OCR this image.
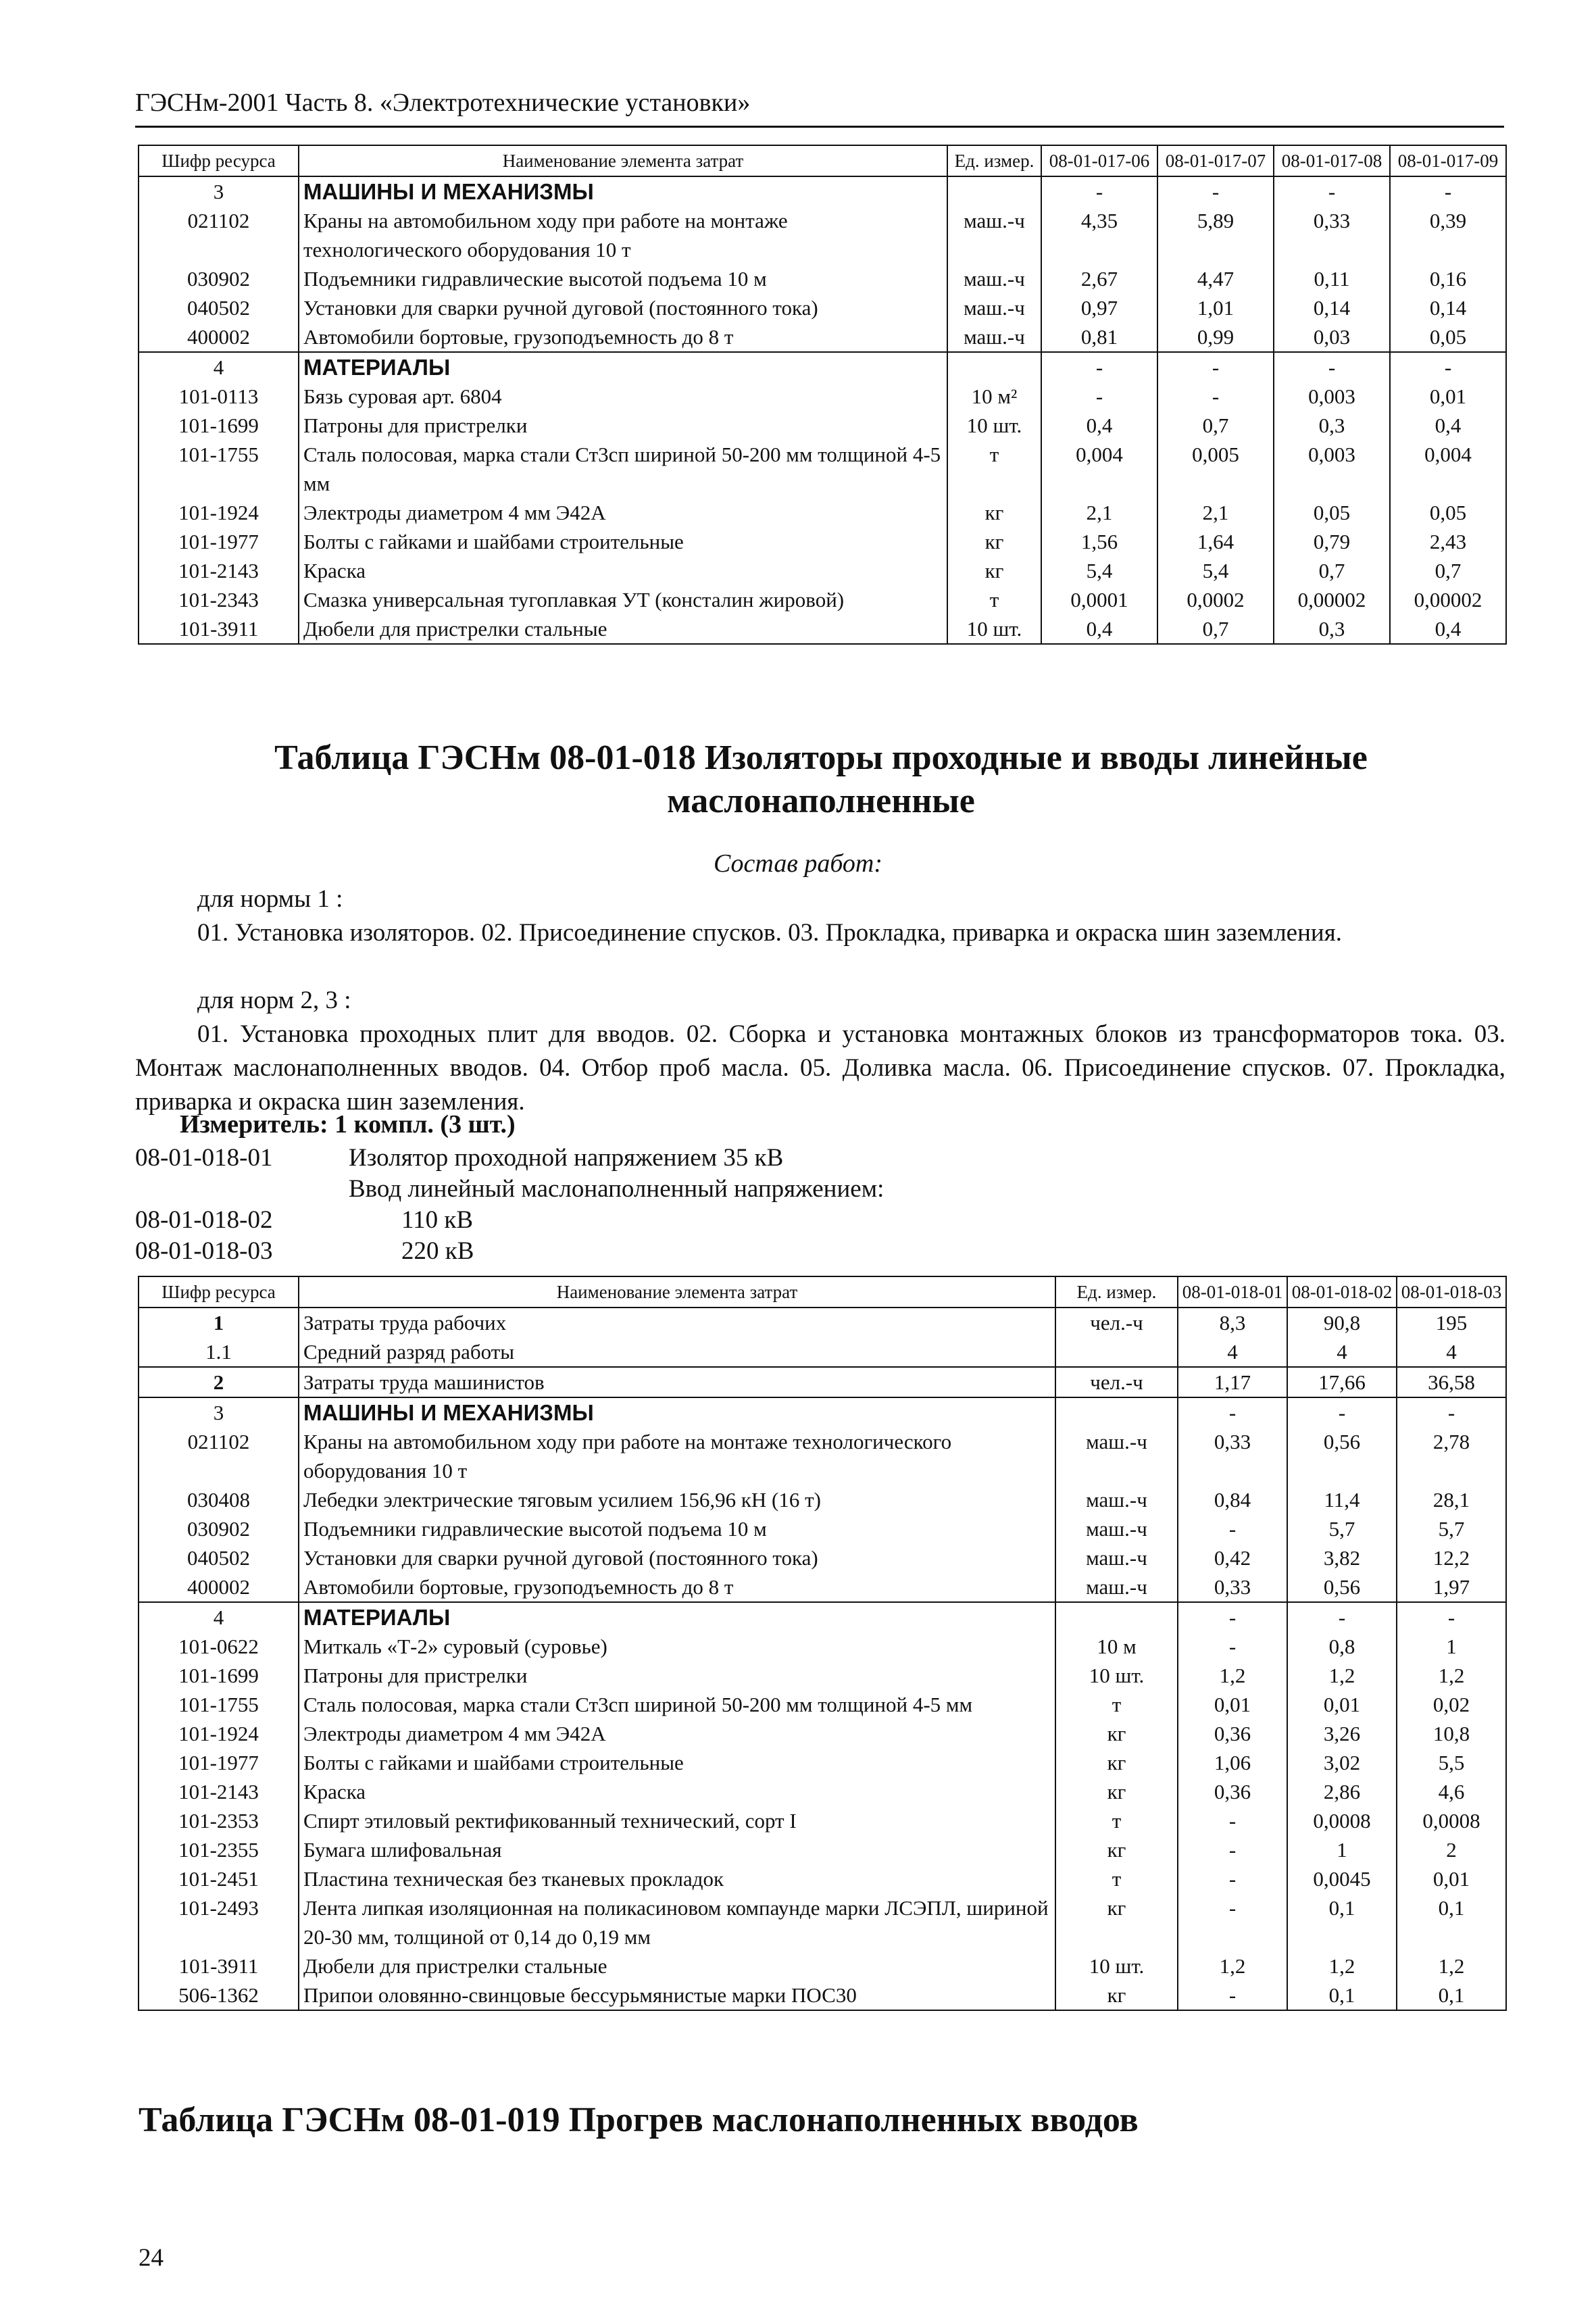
ГЭСНм-2001 Часть 8. «Электротехнические установки»
Шифр ресурса	Наименование элемента затрат	Ед. измер.	08-01-017-06	08-01-017-07	08-01-017-08	08-01-017-09
3	МАШИНЫ И МЕХАНИЗМЫ		-	-	-	-
021102	Краны на автомобильном ходу при работе на монтаже технологического оборудования 10 т	маш.-ч	4,35	5,89	0,33	0,39
030902	Подъемники гидравлические высотой подъема 10 м	маш.-ч	2,67	4,47	0,11	0,16
040502	Установки для сварки ручной дуговой (постоянного тока)	маш.-ч	0,97	1,01	0,14	0,14
400002	Автомобили бортовые, грузоподъемность до 8 т	маш.-ч	0,81	0,99	0,03	0,05
4	МАТЕРИАЛЫ		-	-	-	-
101-0113	Бязь суровая арт. 6804	10 м²	-	-	0,003	0,01
101-1699	Патроны для пристрелки	10 шт.	0,4	0,7	0,3	0,4
101-1755	Сталь полосовая, марка стали Ст3сп шириной 50-200 мм толщиной 4-5 мм	т	0,004	0,005	0,003	0,004
101-1924	Электроды диаметром 4 мм Э42А	кг	2,1	2,1	0,05	0,05
101-1977	Болты с гайками и шайбами строительные	кг	1,56	1,64	0,79	2,43
101-2143	Краска	кг	5,4	5,4	0,7	0,7
101-2343	Смазка универсальная тугоплавкая УТ (консталин жировой)	т	0,0001	0,0002	0,00002	0,00002
101-3911	Дюбели для пристрелки стальные	10 шт.	0,4	0,7	0,3	0,4
Таблица ГЭСНм 08-01-018 Изоляторы проходные и вводы линейные маслонаполненные
Состав работ:
для нормы 1 :
01. Установка изоляторов. 02. Присоединение спусков. 03. Прокладка, приварка и окраска шин заземления.
для норм 2, 3 :
01. Установка проходных плит для вводов. 02. Сборка и установка монтажных блоков из трансформаторов тока. 03. Монтаж маслонаполненных вводов. 04. Отбор проб масла. 05. Доливка масла. 06. Присоединение спусков. 07. Прокладка, приварка и окраска шин заземления.
Измеритель: 1 компл. (3 шт.)
08-01-018-01	Изолятор проходной напряжением 35 кВ
Ввод линейный маслонаполненный напряжением:
08-01-018-02	110 кВ
08-01-018-03	220 кВ
Шифр ресурса	Наименование элемента затрат	Ед. измер.	08-01-018-01	08-01-018-02	08-01-018-03
1	Затраты труда рабочих	чел.-ч	8,3	90,8	195
1.1	Средний разряд работы		4	4	4
2	Затраты труда машинистов	чел.-ч	1,17	17,66	36,58
3	МАШИНЫ И МЕХАНИЗМЫ		-	-	-
021102	Краны на автомобильном ходу при работе на монтаже технологического оборудования 10 т	маш.-ч	0,33	0,56	2,78
030408	Лебедки электрические тяговым усилием 156,96 кН (16 т)	маш.-ч	0,84	11,4	28,1
030902	Подъемники гидравлические высотой подъема 10 м	маш.-ч	-	5,7	5,7
040502	Установки для сварки ручной дуговой (постоянного тока)	маш.-ч	0,42	3,82	12,2
400002	Автомобили бортовые, грузоподъемность до 8 т	маш.-ч	0,33	0,56	1,97
4	МАТЕРИАЛЫ		-	-	-
101-0622	Миткаль «Т-2» суровый (суровье)	10 м	-	0,8	1
101-1699	Патроны для пристрелки	10 шт.	1,2	1,2	1,2
101-1755	Сталь полосовая, марка стали Ст3сп шириной 50-200 мм толщиной 4-5 мм	т	0,01	0,01	0,02
101-1924	Электроды диаметром 4 мм Э42А	кг	0,36	3,26	10,8
101-1977	Болты с гайками и шайбами строительные	кг	1,06	3,02	5,5
101-2143	Краска	кг	0,36	2,86	4,6
101-2353	Спирт этиловый ректификованный технический, сорт I	т	-	0,0008	0,0008
101-2355	Бумага шлифовальная	кг	-	1	2
101-2451	Пластина техническая без тканевых прокладок	т	-	0,0045	0,01
101-2493	Лента липкая изоляционная на поликасиновом компаунде марки ЛСЭПЛ, шириной 20-30 мм, толщиной от 0,14 до 0,19 мм	кг	-	0,1	0,1
101-3911	Дюбели для пристрелки стальные	10 шт.	1,2	1,2	1,2
506-1362	Припои оловянно-свинцовые бессурьмянистые марки ПОС30	кг	-	0,1	0,1
Таблица ГЭСНм 08-01-019 Прогрев маслонаполненных вводов
24
